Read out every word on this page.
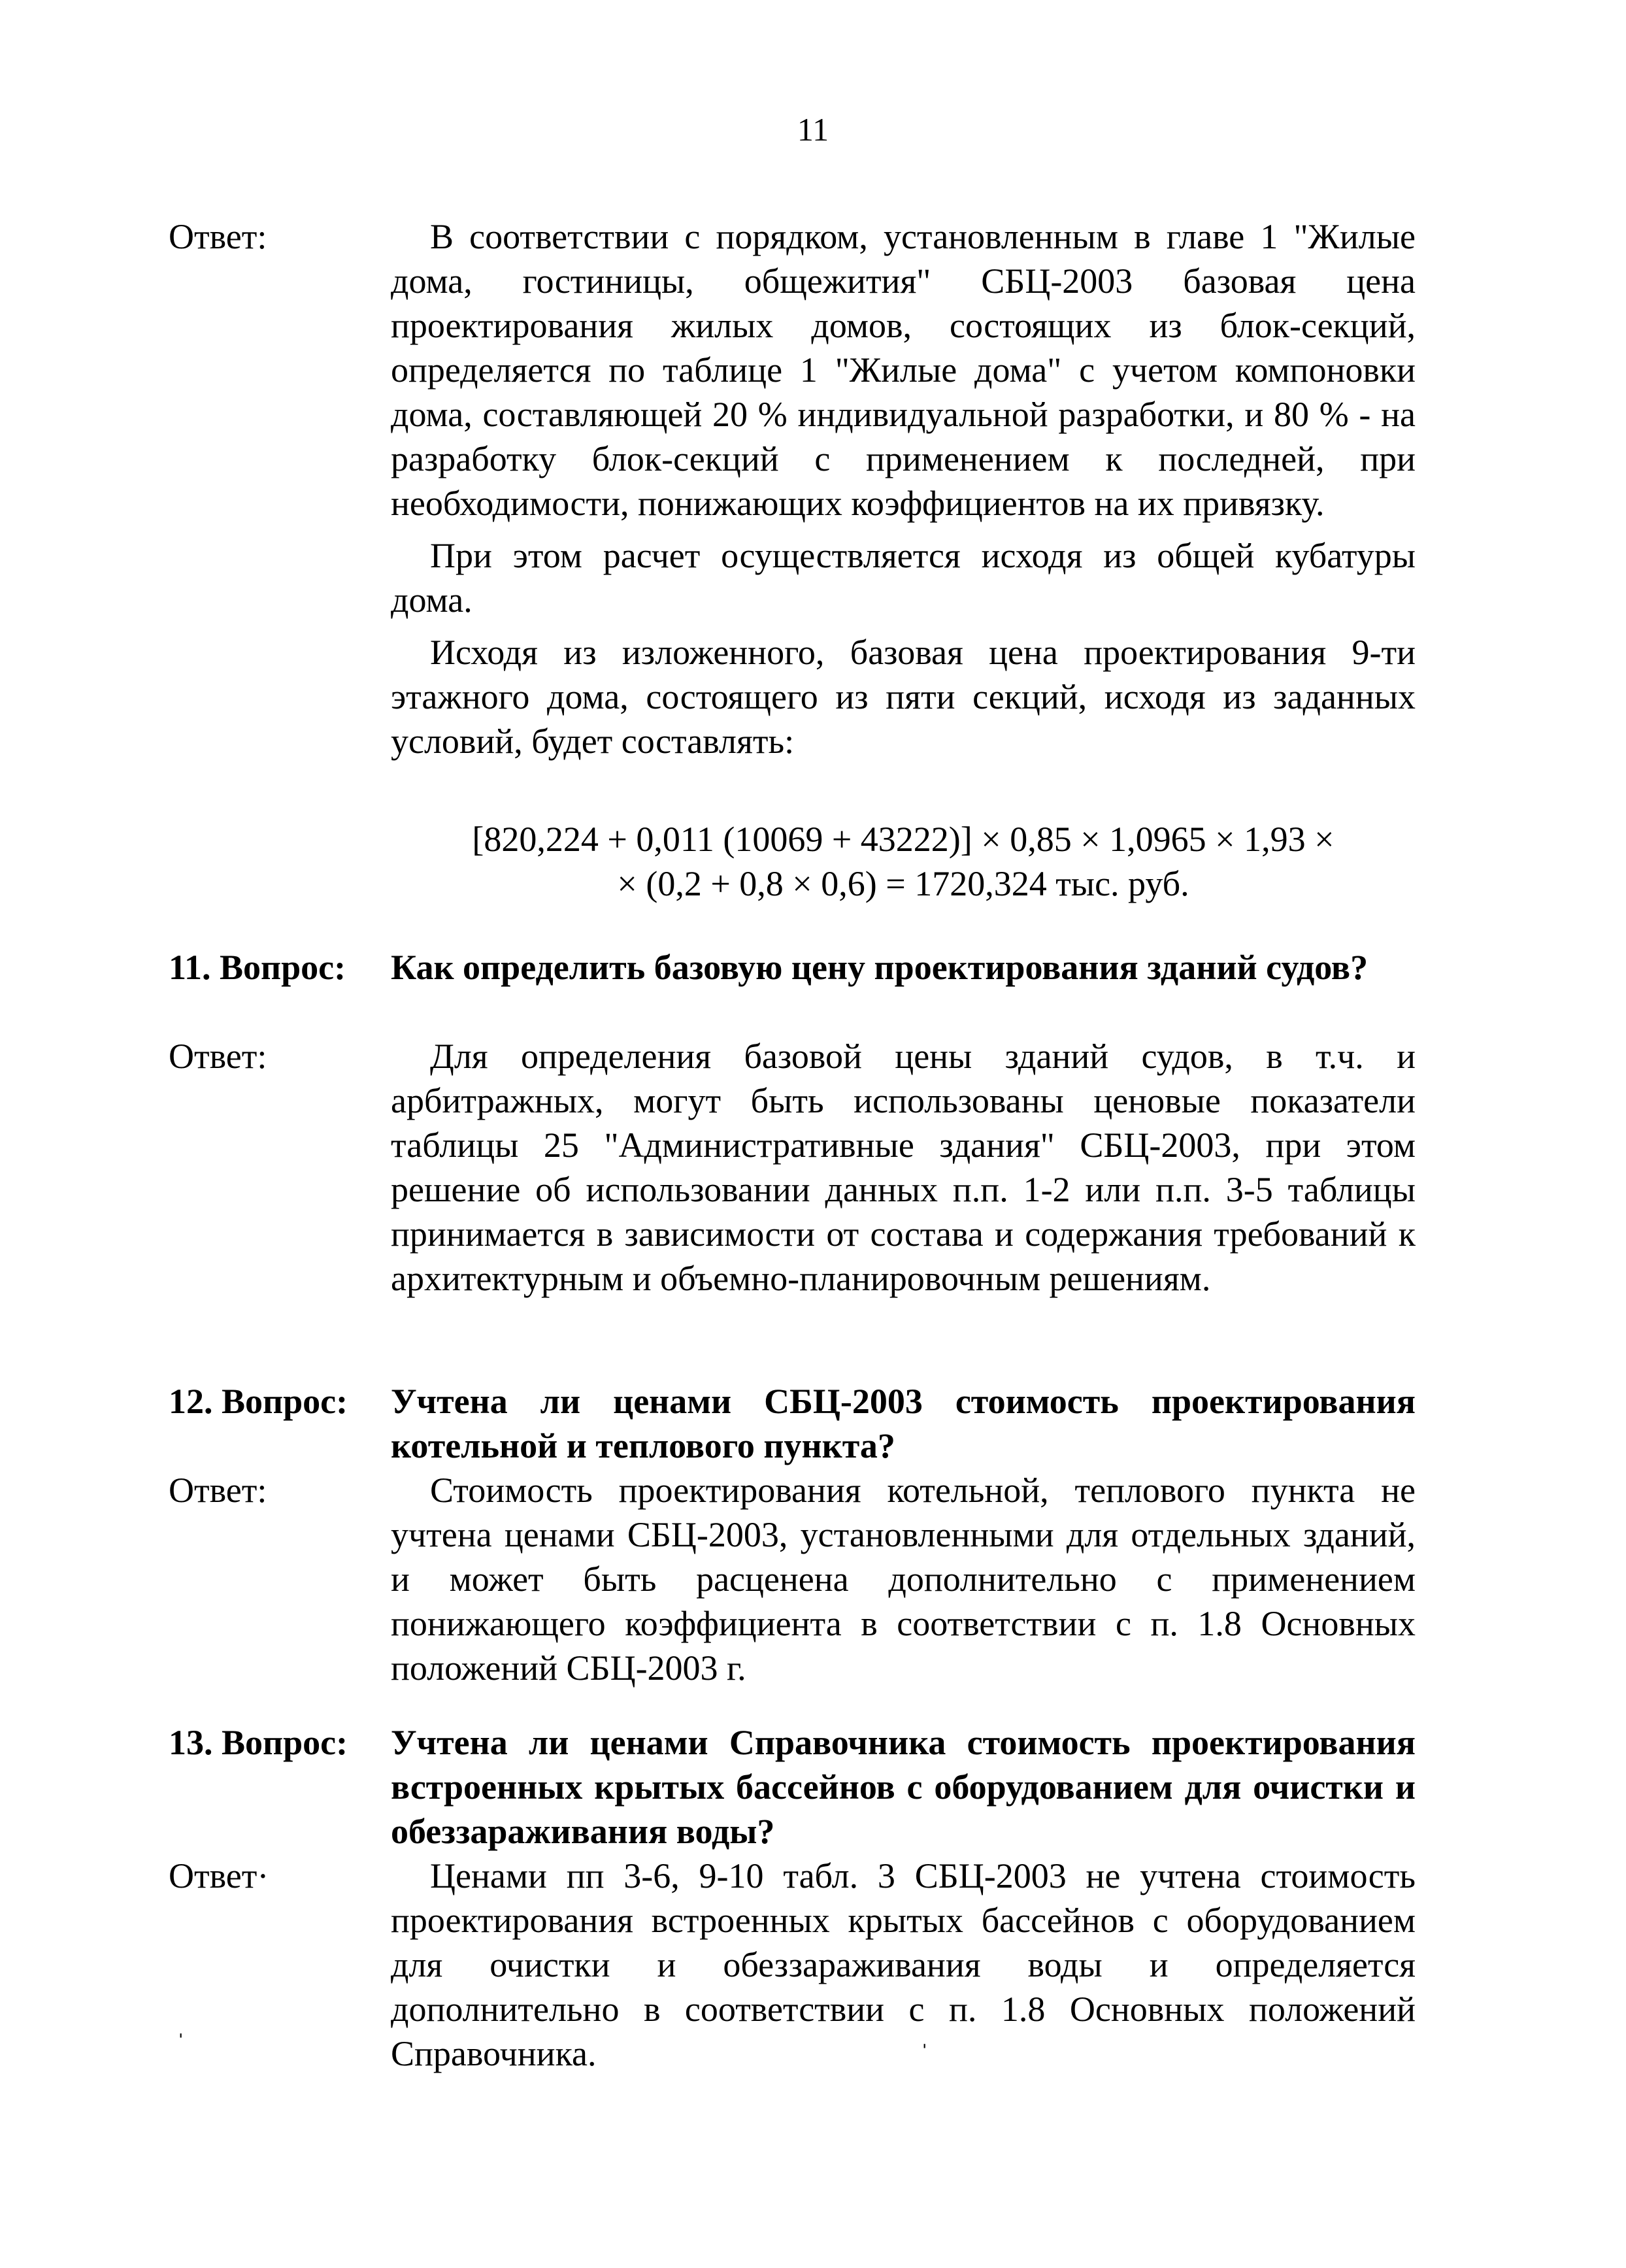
11
Ответ:	В соответствии с порядком, установленным в главе 1 "Жилые дома, гостиницы, общежития" СБЦ-2003 базовая цена проектирования жилых домов, состоящих из блок-секций, определяется по таблице 1 "Жилые дома" с учетом компоновки дома, составляющей 20 % индивидуальной разработки, и 80 % - на разработку блок-секций с применением к последней, при необходимости, понижающих коэффициентов на их привязку.

При этом расчет осуществляется исходя из общей кубатуры дома.

Исходя из изложенного, базовая цена проектирования 9-ти этажного дома, состоящего из пяти секций, исходя из заданных условий, будет составлять:

[820,224 + 0,011 (10069 + 43222)] × 0,85 × 1,0965 × 1,93 ×
× (0,2 + 0,8 × 0,6) = 1720,324 тыс. руб.
11. Вопрос:	Как определить базовую цену проектирования зданий судов?

Ответ:	Для определения базовой цены зданий судов, в т.ч. и арбитражных, могут быть использованы ценовые показатели таблицы 25 "Административные здания" СБЦ-2003, при этом решение об использовании данных п.п. 1-2 или п.п. 3-5 таблицы принимается в зависимости от состава и содержания требований к архитектурным и объемно-планировочным решениям.

12. Вопрос:	Учтена ли ценами СБЦ-2003 стоимость проектирования котельной и теплового пункта?

Ответ:	Стоимость проектирования котельной, теплового пункта не учтена ценами СБЦ-2003, установленными для отдельных зданий, и может быть расценена дополнительно с применением понижающего коэффициента в соответствии с п. 1.8 Основных положений СБЦ-2003 г.

13. Вопрос:	Учтена ли ценами Справочника стоимость проектирования встроенных крытых бассейнов с оборудованием для очистки и обеззараживания воды?

Ответ·	Ценами пп 3-6, 9-10 табл. 3 СБЦ-2003 не учтена стоимость проектирования встроенных крытых бассейнов с оборудованием для очистки и обеззараживания воды и определяется дополнительно в соответствии с п. 1.8 Основных положений Справочника.

ˈ	ˈ
